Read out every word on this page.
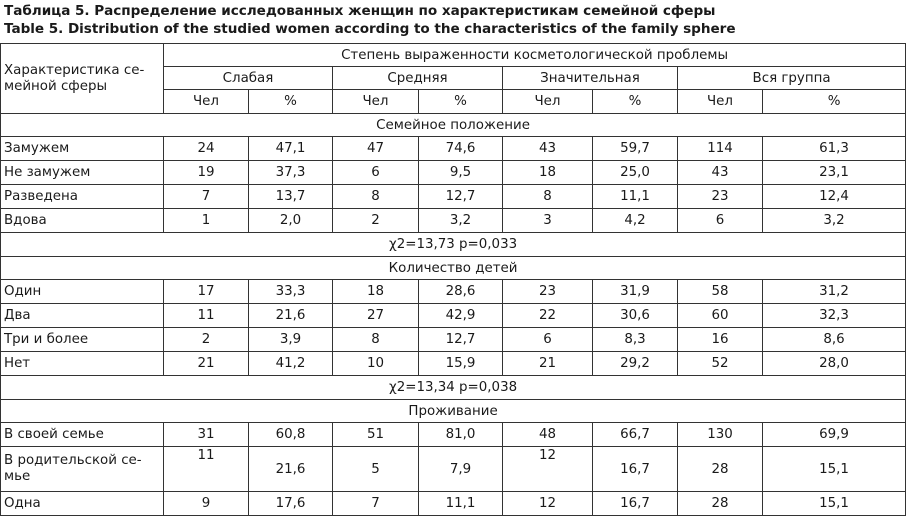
Таблица 5. Распределение исследованных женщин по характеристикам семейной сферы
Table 5. Distribution of the studied women according to the characteristics of the family sphere
Характеристика семейной сферы	Степень выраженности косметологической проблемы							
	Слабая		Средняя		Значительная		Вся группа	
	Чел	%	Чел	%	Чел	%	Чел	%
Семейное положение								
Замужем	24	47,1	47	74,6	43	59,7	114	61,3
Не замужем	19	37,3	6	9,5	18	25,0	43	23,1
Разведена	7	13,7	8	12,7	8	11,1	23	12,4
Вдова	1	2,0	2	3,2	3	4,2	6	3,2
χ2=13,73 p=0,033								
Количество детей								
Один	17	33,3	18	28,6	23	31,9	58	31,2
Два	11	21,6	27	42,9	22	30,6	60	32,3
Три и более	2	3,9	8	12,7	6	8,3	16	8,6
Нет	21	41,2	10	15,9	21	29,2	52	28,0
χ2=13,34 p=0,038								
Проживание								
В своей семье	31	60,8	51	81,0	48	66,7	130	69,9
В родительской семье	11	21,6	5	7,9	12	16,7	28	15,1
Одна	9	17,6	7	11,1	12	16,7	28	15,1
